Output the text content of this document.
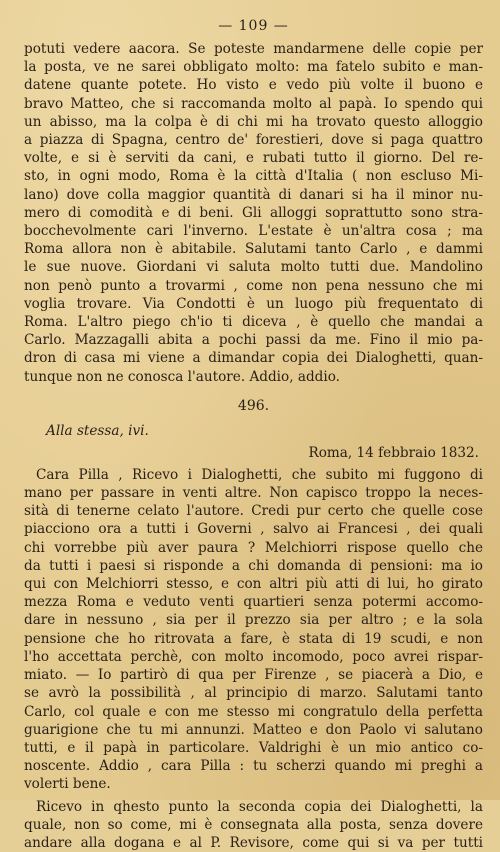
— 109 —
potuti vedere aacora. Se poteste mandarmene delle copie per
la posta, ve ne sarei obbligato molto: ma fatelo subito e man-
datene quante potete. Ho visto e vedo più volte il buono e
bravo Matteo, che si raccomanda molto al papà. Io spendo qui
un abisso, ma la colpa è di chi mi ha trovato questo alloggio
a piazza di Spagna, centro de' forestieri, dove si paga quattro
volte, e si è serviti da cani, e rubati tutto il giorno. Del re-
sto, in ogni modo, Roma è la città d'Italia ( non escluso Mi-
lano) dove colla maggior quantità di danari si ha il minor nu-
mero di comodità e di beni. Gli alloggi soprattutto sono stra-
bocchevolmente cari l'inverno. L'estate è un'altra cosa ; ma
Roma allora non è abitabile. Salutami tanto Carlo , e dammi
le sue nuove. Giordani vi saluta molto tutti due. Mandolino
non penò punto a trovarmi , come non pena nessuno che mi
voglia trovare. Via Condotti è un luogo più frequentato di
Roma. L'altro piego ch'io ti diceva , è quello che mandai a
Carlo. Mazzagalli abita a pochi passi da me. Fino il mio pa-
dron di casa mi viene a dimandar copia dei Dialoghetti, quan-
tunque non ne conosca l'autore. Addio, addio.
496.
Alla stessa, ivi.
Roma, 14 febbraio 1832.
Cara Pilla , Ricevo i Dialoghetti, che subito mi fuggono di
mano per passare in venti altre. Non capisco troppo la neces-
sità di tenerne celato l'autore. Credi pur certo che quelle cose
piacciono ora a tutti i Governi , salvo ai Francesi , dei quali
chi vorrebbe più aver paura ? Melchiorri rispose quello che
da tutti i paesi si risponde a chi domanda di pensioni: ma io
qui con Melchiorri stesso, e con altri più atti di lui, ho girato
mezza Roma e veduto venti quartieri senza potermi accomo-
dare in nessuno , sia per il prezzo sia per altro ; e la sola
pensione che ho ritrovata a fare, è stata di 19 scudi, e non
l'ho accettata perchè, con molto incomodo, poco avrei rispar-
miato. — Io partirò di qua per Firenze , se piacerà a Dio, e
se avrò la possibilità , al principio di marzo. Salutami tanto
Carlo, col quale e con me stesso mi congratulo della perfetta
guarigione che tu mi annunzi. Matteo e don Paolo vi salutano
tutti, e il papà in particolare. Valdrighi è un mio antico co-
noscente. Addio , cara Pilla : tu scherzi quando mi preghi a
volerti bene.
Ricevo in qhesto punto la seconda copia dei Dialoghetti, la
quale, non so come, mi è consegnata alla posta, senza dovere
andare alla dogana e al P. Revisore, come qui si va per tutti
